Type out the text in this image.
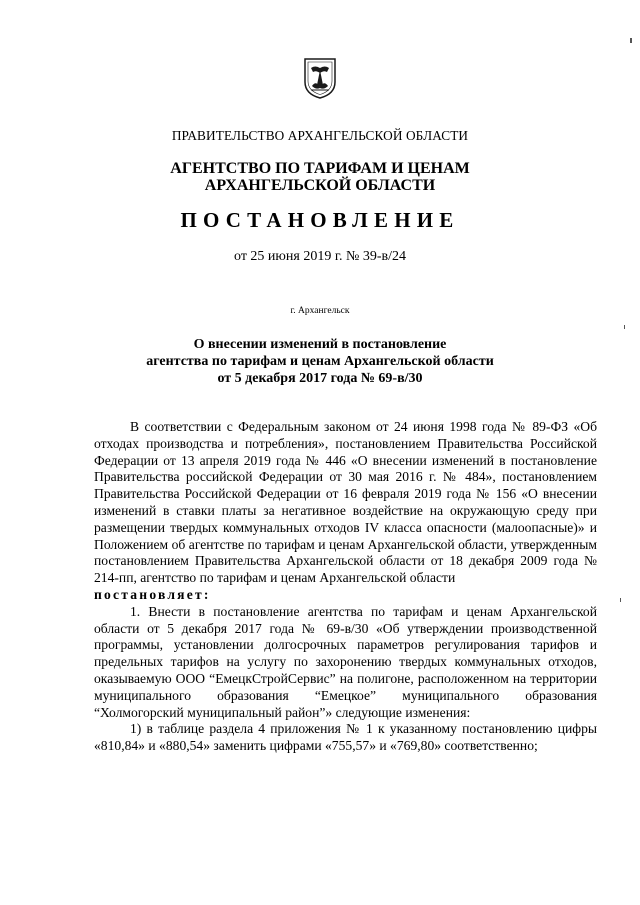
ПРАВИТЕЛЬСТВО АРХАНГЕЛЬСКОЙ ОБЛАСТИ
АГЕНТСТВО ПО ТАРИФАМ И ЦЕНАМ
АРХАНГЕЛЬСКОЙ ОБЛАСТИ
ПОСТАНОВЛЕНИЕ
от 25 июня 2019 г. № 39-в/24
г. Архангельск
О внесении изменений в постановление
агентства по тарифам и ценам Архангельской области
от 5 декабря 2017 года № 69-в/30

В соответствии с Федеральным законом от 24 июня 1998 года № 89-ФЗ «Об отходах производства и потребления», постановлением Правительства Российской Федерации от 13 апреля 2019 года № 446 «О внесении изменений в постановление Правительства российской Федерации от 30 мая 2016 г. № 484», постановлением Правительства Российской Федерации от 16 февраля 2019 года № 156 «О внесении изменений в ставки платы за негативное воздействие на окружающую среду при размещении твердых коммунальных отходов IV класса опасности (малоопасные)» и Положением об агентстве по тарифам и ценам Архангельской области, утвержденным постановлением Правительства Архангельской области от 18 декабря 2009 года № 214-пп, агентство по тарифам и ценам Архангельской области

постановляет:

1. Внести в постановление агентства по тарифам и ценам Архангельской области от 5 декабря 2017 года № 69-в/30 «Об утверждении производственной программы, установлении долгосрочных параметров регулирования тарифов и предельных тарифов на услугу по захоронению твердых коммунальных отходов, оказываемую ООО “ЕмецкСтройСервис” на полигоне, расположенном на территории муниципального образования “Емецкое” муниципального образования “Холмогорский муниципальный район”» следующие изменения:

1) в таблице раздела 4 приложения № 1 к указанному постановлению цифры «810,84» и «880,54» заменить цифрами «755,57» и «769,80» соответственно;
